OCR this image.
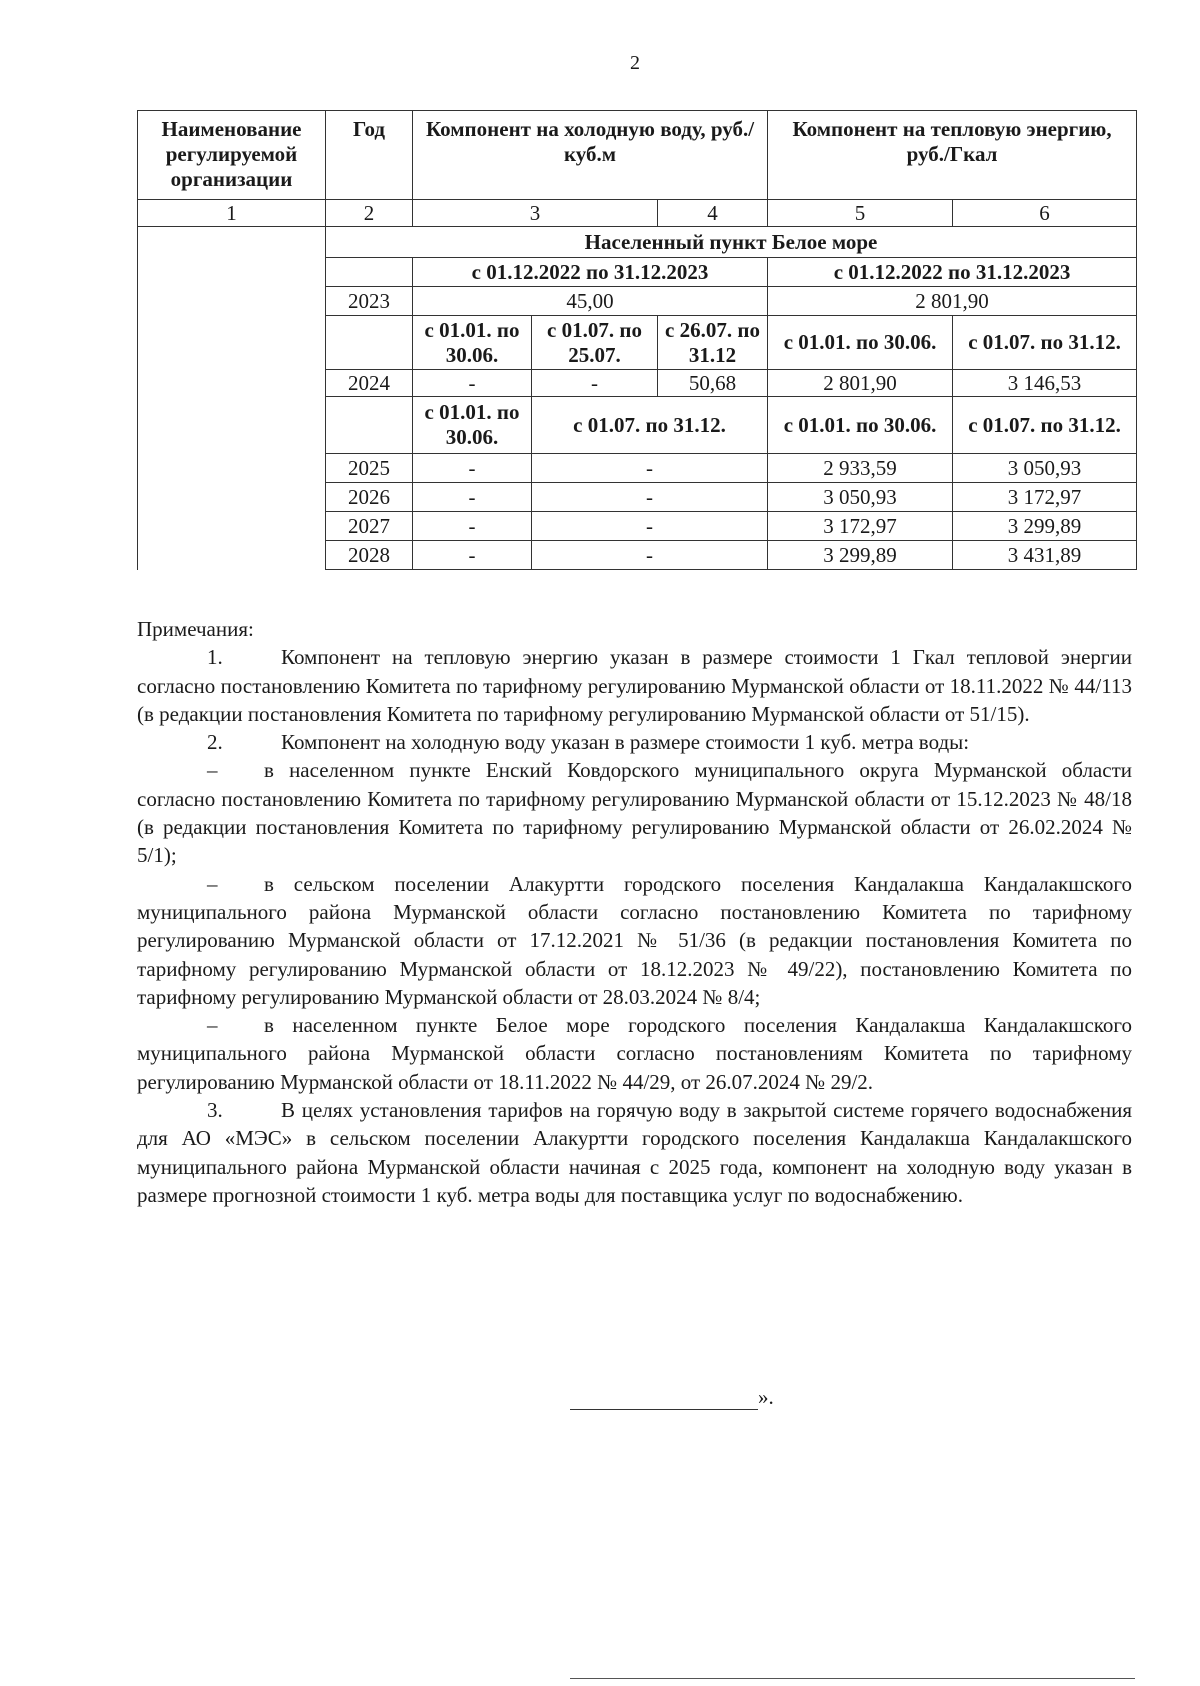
2
Наименование регулируемой организации	Год	Компонент на холодную воду, руб./куб.м			Компонент на тепловую энергию, руб./Гкал	
1	2	3		4	5	6
	Населенный пункт Белое море					
		с 01.12.2022 по 31.12.2023			с 01.12.2022 по 31.12.2023	
	2023	45,00			2 801,90	
		с 01.01. по 30.06.	с 01.07. по 25.07.	с 26.07. по 31.12	с 01.01. по 30.06.	с 01.07. по 31.12.
	2024	-	-	50,68	2 801,90	3 146,53
		с 01.01. по 30.06.	с 01.07. по 31.12.		с 01.01. по 30.06.	с 01.07. по 31.12.
	2025	-	-		2 933,59	3 050,93
	2026	-	-		3 050,93	3 172,97
	2027	-	-		3 172,97	3 299,89
	2028	-	-		3 299,89	3 431,89

Примечания:

1.	Компонент на тепловую энергию указан в размере стоимости 1 Гкал тепловой энергии согласно постановлению Комитета по тарифному регулированию Мурманской области от 18.11.2022 № 44/113 (в редакции постановления Комитета по тарифному регулированию Мурманской области от 51/15).

2.	Компонент на холодную воду указан в размере стоимости 1 куб. метра воды:

– в населенном пункте Енский Ковдорского муниципального округа Мурманской области согласно постановлению Комитета по тарифному регулированию Мурманской области от 15.12.2023 № 48/18 (в редакции постановления Комитета по тарифному регулированию Мурманской области от 26.02.2024 № 5/1);

– в сельском поселении Алакуртти городского поселения Кандалакша Кандалакшского муниципального района Мурманской области согласно постановлению Комитета по тарифному регулированию Мурманской области от 17.12.2021 № 51/36 (в редакции постановления Комитета по тарифному регулированию Мурманской области от 18.12.2023 № 49/22), постановлению Комитета по тарифному регулированию Мурманской области от 28.03.2024 № 8/4;

– в населенном пункте Белое море городского поселения Кандалакша Кандалакшского муниципального района Мурманской области согласно постановлениям Комитета по тарифному регулированию Мурманской области от 18.11.2022 № 44/29, от 26.07.2024 № 29/2.

3.	В целях установления тарифов на горячую воду в закрытой системе горячего водоснабжения для АО «МЭС» в сельском поселении Алакуртти городского поселения Кандалакша Кандалакшского муниципального района Мурманской области начиная с 2025 года, компонент на холодную воду указан в размере прогнозной стоимости 1 куб. метра воды для поставщика услуг по водоснабжению.

».
